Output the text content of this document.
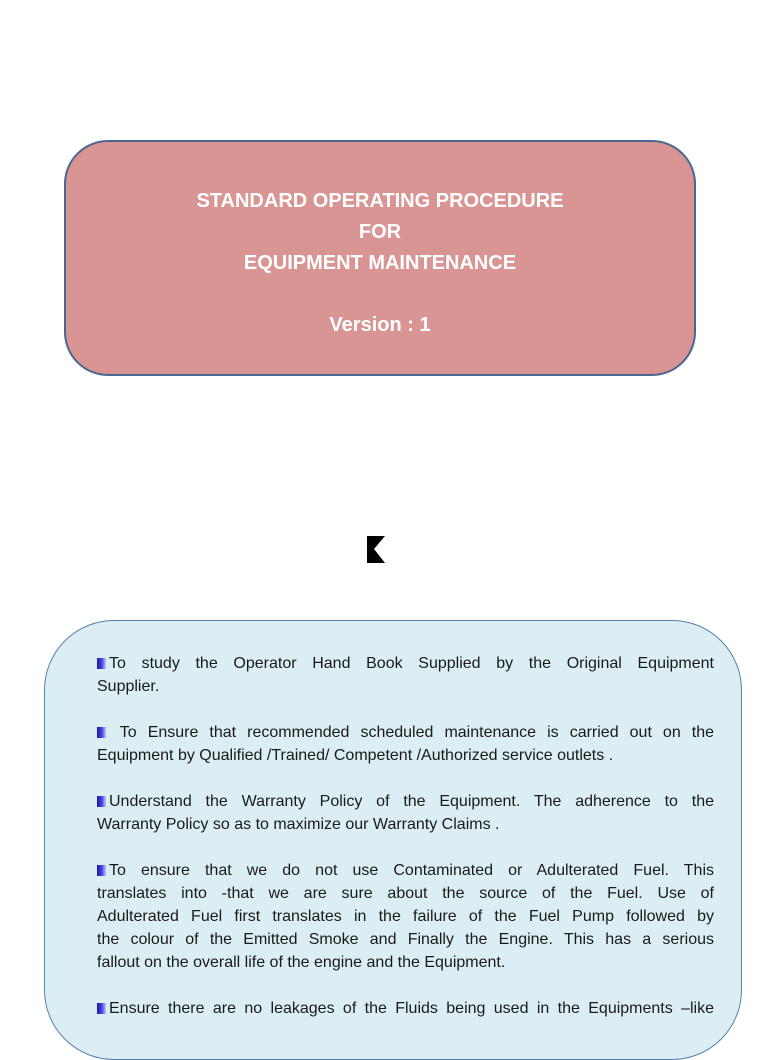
STANDARD OPERATING PROCEDURE
FOR
EQUIPMENT MAINTENANCE
Version : 1
To study the Operator Hand Book Supplied by the Original Equipment
Supplier.
To Ensure that recommended scheduled maintenance is carried out on the
Equipment by Qualified /Trained/ Competent /Authorized service outlets .
Understand the Warranty Policy of the Equipment. The adherence to the
Warranty Policy so as to maximize our Warranty Claims .
To ensure that we do not use Contaminated or Adulterated Fuel. This
translates into -that we are sure about the source of the Fuel. Use of
Adulterated Fuel first translates in the failure of the Fuel Pump followed by
the colour of the Emitted Smoke and Finally the Engine. This has a serious
fallout on the overall life of the engine and the Equipment.
Ensure there are no leakages of the Fluids being used in the Equipments –like
